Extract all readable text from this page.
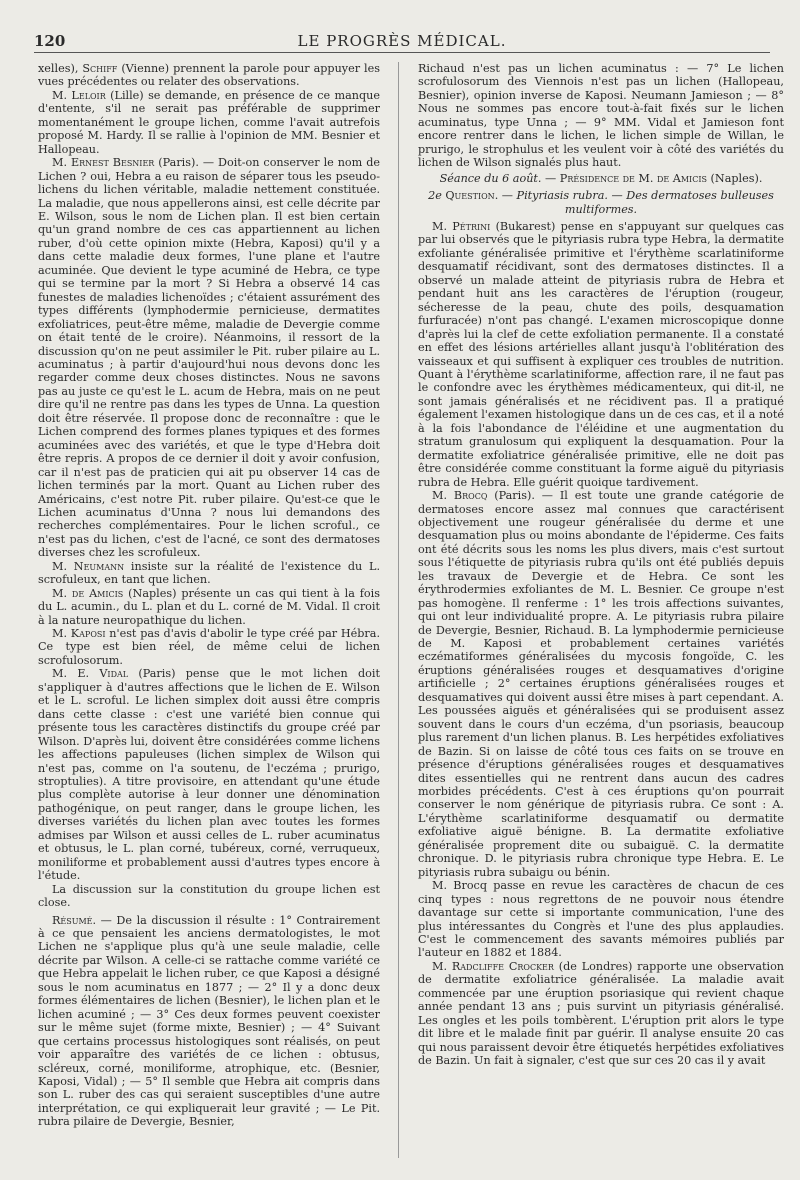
120	LE PROGRÈS MÉDICAL.

xelles), Schiff (Vienne) prennent la parole pour appuyer les vues précédentes ou relater des observations.

M. Leloir (Lille) se demande, en présence de ce manque d'entente, s'il ne serait pas préférable de supprimer momentanément le groupe lichen, comme l'avait autrefois proposé M. Hardy. Il se rallie à l'opinion de MM. Besnier et Hallopeau.

M. Ernest Besnier (Paris). — Doit-on conserver le nom de Lichen ? oui, Hebra a eu raison de séparer tous les pseudo-lichens du lichen véritable, maladie nettement constituée. La maladie, que nous appellerons ainsi, est celle décrite par E. Wilson, sous le nom de Lichen plan. Il est bien certain qu'un grand nombre de ces cas appartiennent au lichen ruber, d'où cette opinion mixte (Hebra, Kaposi) qu'il y a dans cette maladie deux formes, l'une plane et l'autre acuminée. Que devient le type acuminé de Hebra, ce type qui se termine par la mort ? Si Hebra a observé 14 cas funestes de maladies lichenoïdes ; c'étaient assurément des types différents (lymphodermie pernicieuse, dermatites exfoliatrices, peut-être même, maladie de Devergie comme on était tenté de le croire). Néanmoins, il ressort de la discussion qu'on ne peut assimiler le Pit. ruber pilaire au L. acuminatus ; à partir d'aujourd'hui nous devons donc les regarder comme deux choses distinctes. Nous ne savons pas au juste ce qu'est le L. acum de Hebra, mais on ne peut dire qu'il ne rentre pas dans les types de Unna. La question doit être réservée. Il propose donc de reconnaître : que le Lichen comprend des formes planes typiques et des formes acuminées avec des variétés, et que le type d'Hebra doit être repris. A propos de ce dernier il doit y avoir confusion, car il n'est pas de praticien qui ait pu observer 14 cas de lichen terminés par la mort. Quant au Lichen ruber des Américains, c'est notre Pit. ruber pilaire. Qu'est-ce que le Lichen acuminatus d'Unna ? nous lui demandons des recherches complémentaires. Pour le lichen scroful., ce n'est pas du lichen, c'est de l'acné, ce sont des dermatoses diverses chez les scrofuleux.

M. Neumann insiste sur la réalité de l'existence du L. scrofuleux, en tant que lichen.

M. de Amicis (Naples) présente un cas qui tient à la fois du L. acumin., du L. plan et du L. corné de M. Vidal. Il croit à la nature neuropathique du lichen.

M. Kaposi n'est pas d'avis d'abolir le type créé par Hébra. Ce type est bien réel, de même celui de lichen scrofulosorum.

M. E. Vidal (Paris) pense que le mot lichen doit s'appliquer à d'autres affections que le lichen de E. Wilson et le L. scroful. Le lichen simplex doit aussi être compris dans cette classe : c'est une variété bien connue qui présente tous les caractères distinctifs du groupe créé par Wilson. D'après lui, doivent être considérées comme lichens les affections papuleuses (lichen simplex de Wilson qui n'est pas, comme on l'a soutenu, de l'eczéma ; prurigo, stroptulies). A titre provisoire, en attendant qu'une étude plus complète autorise à leur donner une dénomination pathogénique, on peut ranger, dans le groupe lichen, les diverses variétés du lichen plan avec toutes les formes admises par Wilson et aussi celles de L. ruber acuminatus et obtusus, le L. plan corné, tubéreux, corné, verruqueux, moniliforme et probablement aussi d'autres types encore à l'étude.

La discussion sur la constitution du groupe lichen est close.

Résumé. — De la discussion il résulte : 1° Contrairement à ce que pensaient les anciens dermatologistes, le mot Lichen ne s'applique plus qu'à une seule maladie, celle décrite par Wilson. A celle-ci se rattache comme variété ce que Hebra appelait le lichen ruber, ce que Kaposi a désigné sous le nom acuminatus en 1877 ; — 2° Il y a donc deux formes élémentaires de lichen (Besnier), le lichen plan et le lichen acuminé ; — 3° Ces deux formes peuvent coexister sur le même sujet (forme mixte, Besnier) ; — 4° Suivant que certains processus histologiques sont réalisés, on peut voir apparaître des variétés de ce lichen : obtusus, scléreux, corné, moniliforme, atrophique, etc. (Besnier, Kaposi, Vidal) ; — 5° Il semble que Hebra ait compris dans son L. ruber des cas qui seraient susceptibles d'une autre interprétation, ce qui expliquerait leur gravité ; — Le Pit. rubra pilaire de Devergie, Besnier,

Richaud n'est pas un lichen acuminatus : — 7° Le lichen scrofulosorum des Viennois n'est pas un lichen (Hallopeau, Besnier), opinion inverse de Kaposi. Neumann Jamieson ; — 8° Nous ne sommes pas encore tout-à-fait fixés sur le lichen acuminatus, type Unna ; — 9° MM. Vidal et Jamieson font encore rentrer dans le lichen, le lichen simple de Willan, le prurigo, le strophulus et les veulent voir à côté des variétés du lichen de Wilson signalés plus haut.

Séance du 6 août. — Présidence de M. de Amicis (Naples).

2e Question. — Pityriasis rubra. — Des dermatoses bulleuses multiformes.

M. Pétrini (Bukarest) pense en s'appuyant sur quelques cas par lui observés que le pityriasis rubra type Hebra, la dermatite exfoliante généralisée primitive et l'érythème scarlatiniforme desquamatif récidivant, sont des dermatoses distinctes. Il a observé un malade atteint de pityriasis rubra de Hebra et pendant huit ans les caractères de l'éruption (rougeur, sécheresse de la peau, chute des poils, desquamation furfuracée) n'ont pas changé. L'examen microscopique donne d'après lui la clef de cette exfoliation permanente. Il a constaté en effet des lésions artérielles allant jusqu'à l'oblitération des vaisseaux et qui suffisent à expliquer ces troubles de nutrition. Quant à l'érythème scarlatiniforme, affection rare, il ne faut pas le confondre avec les érythèmes médicamenteux, qui dit-il, ne sont jamais généralisés et ne récidivent pas. Il a pratiqué également l'examen histologique dans un de ces cas, et il a noté à la fois l'abondance de l'éléidine et une augmentation du stratum granulosum qui expliquent la desquamation. Pour la dermatite exfoliatrice généralisée primitive, elle ne doit pas être considérée comme constituant la forme aiguë du pityriasis rubra de Hebra. Elle guérit quoique tardivement.

M. Brocq (Paris). — Il est toute une grande catégorie de dermatoses encore assez mal connues que caractérisent objectivement une rougeur généralisée du derme et une desquamation plus ou moins abondante de l'épiderme. Ces faits ont été décrits sous les noms les plus divers, mais c'est surtout sous l'étiquette de pityriasis rubra qu'ils ont été publiés depuis les travaux de Devergie et de Hebra. Ce sont les érythrodermies exfoliantes de M. L. Besnier. Ce groupe n'est pas homogène. Il renferme : 1° les trois affections suivantes, qui ont leur individualité propre. A. Le pityriasis rubra pilaire de Devergie, Besnier, Richaud. B. La lymphodermie pernicieuse de M. Kaposi et probablement certaines variétés eczématiformes généralisées du mycosis fongoïde, C. les éruptions généralisées rouges et desquamatives d'origine artificielle ; 2° certaines éruptions généralisées rouges et desquamatives qui doivent aussi être mises à part cependant. A. Les poussées aiguës et généralisées qui se produisent assez souvent dans le cours d'un eczéma, d'un psoriasis, beaucoup plus rarement d'un lichen planus. B. Les herpétides exfoliatives de Bazin. Si on laisse de côté tous ces faits on se trouve en présence d'éruptions généralisées rouges et desquamatives dites essentielles qui ne rentrent dans aucun des cadres morbides précédents. C'est à ces éruptions qu'on pourrait conserver le nom générique de pityriasis rubra. Ce sont : A. L'érythème scarlatiniforme desquamatif ou dermatite exfoliative aiguë bénigne. B. La dermatite exfoliative généralisée proprement dite ou subaiguë. C. la dermatite chronique. D. le pityriasis rubra chronique type Hebra. E. Le pityriasis rubra subaigu ou bénin.

M. Brocq passe en revue les caractères de chacun de ces cinq types : nous regrettons de ne pouvoir nous étendre davantage sur cette si importante communication, l'une des plus intéressantes du Congrès et l'une des plus applaudies. C'est le commencement des savants mémoires publiés par l'auteur en 1882 et 1884.

M. Radcliffe Crocker (de Londres) rapporte une observation de dermatite exfoliatrice généralisée. La maladie avait commencée par une éruption psoriasique qui revient chaque année pendant 13 ans ; puis survint un pityriasis généralisé. Les ongles et les poils tombèrent. L'éruption prit alors le type dit libre et le malade finit par guérir. Il analyse ensuite 20 cas qui nous paraissent devoir être étiquetés herpétides exfoliatives de Bazin. Un fait à signaler, c'est que sur ces 20 cas il y avait
